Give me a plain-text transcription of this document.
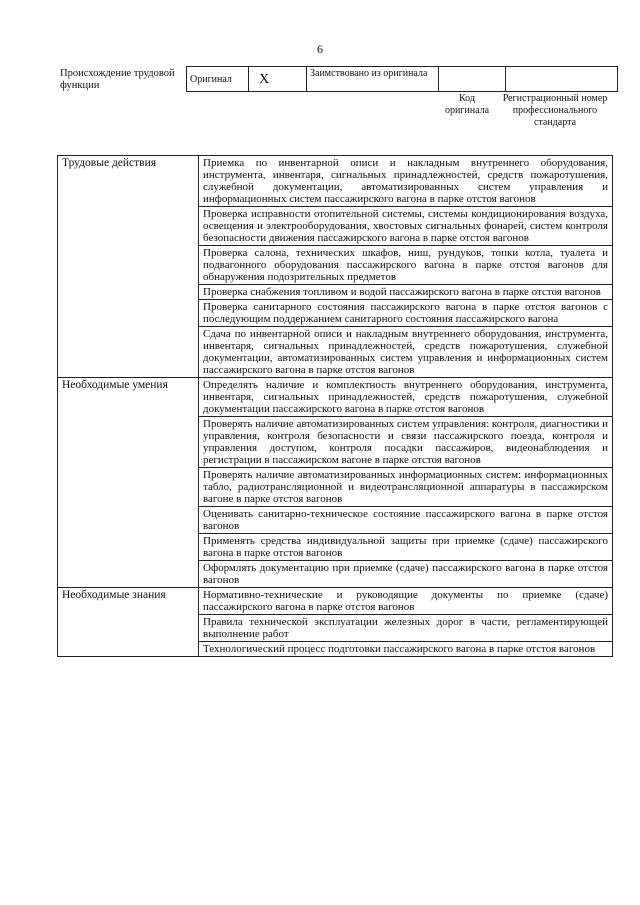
6
Происхождение трудовой функции
Оригинал	X	Заимствовано из оригинала		
Код оригинала
Регистрационный номер профессионального стандарта
Трудовые действия	Приемка по инвентарной описи и накладным внутреннего оборудования, инструмента, инвентаря, сигнальных принадлежностей, средств пожаротушения, служебной документации, автоматизированных систем управления и информационных систем пассажирского вагона в парке отстоя вагонов
	Проверка исправности отопительной системы, системы кондиционирования воздуха, освещения и электрооборудования, хвостовых сигнальных фонарей, систем контроля безопасности движения пассажирского вагона в парке отстоя вагонов
	Проверка салона, технических шкафов, ниш, рундуков, топки котла, туалета и подвагонного оборудования пассажирского вагона в парке отстоя вагонов для обнаружения подозрительных предметов
	Проверка снабжения топливом и водой пассажирского вагона в парке отстоя вагонов
	Проверка санитарного состояния пассажирского вагона в парке отстоя вагонов с последующим поддержанием санитарного состояния пассажирского вагона
	Сдача по инвентарной описи и накладным внутреннего оборудования, инструмента, инвентаря, сигнальных принадлежностей, средств пожаротушения, служебной документации, автоматизированных систем управления и информационных систем пассажирского вагона в парке отстоя вагонов
Необходимые умения	Определять наличие и комплектность внутреннего оборудования, инструмента, инвентаря, сигнальных принадлежностей, средств пожаротушения, служебной документации пассажирского вагона в парке отстоя вагонов
	Проверять наличие автоматизированных систем управления: контроля, диагностики и управления, контроля безопасности и связи пассажирского поезда, контроля и управления доступом, контроля посадки пассажиров, видеонаблюдения и регистрации в пассажирском вагоне в парке отстоя вагонов
	Проверять наличие автоматизированных информационных систем: информационных табло, радиотрансляционной и видеотрансляционной аппаратуры в пассажирском вагоне в парке отстоя вагонов
	Оценивать санитарно-техническое состояние пассажирского вагона в парке отстоя вагонов
	Применять средства индивидуальной защиты при приемке (сдаче) пассажирского вагона в парке отстоя вагонов
	Оформлять документацию при приемке (сдаче) пассажирского вагона в парке отстоя вагонов
Необходимые знания	Нормативно-технические и руководящие документы по приемке (сдаче) пассажирского вагона в парке отстоя вагонов
	Правила технической эксплуатации железных дорог в части, регламентирующей выполнение работ
	Технологический процесс подготовки пассажирского вагона в парке отстоя вагонов
